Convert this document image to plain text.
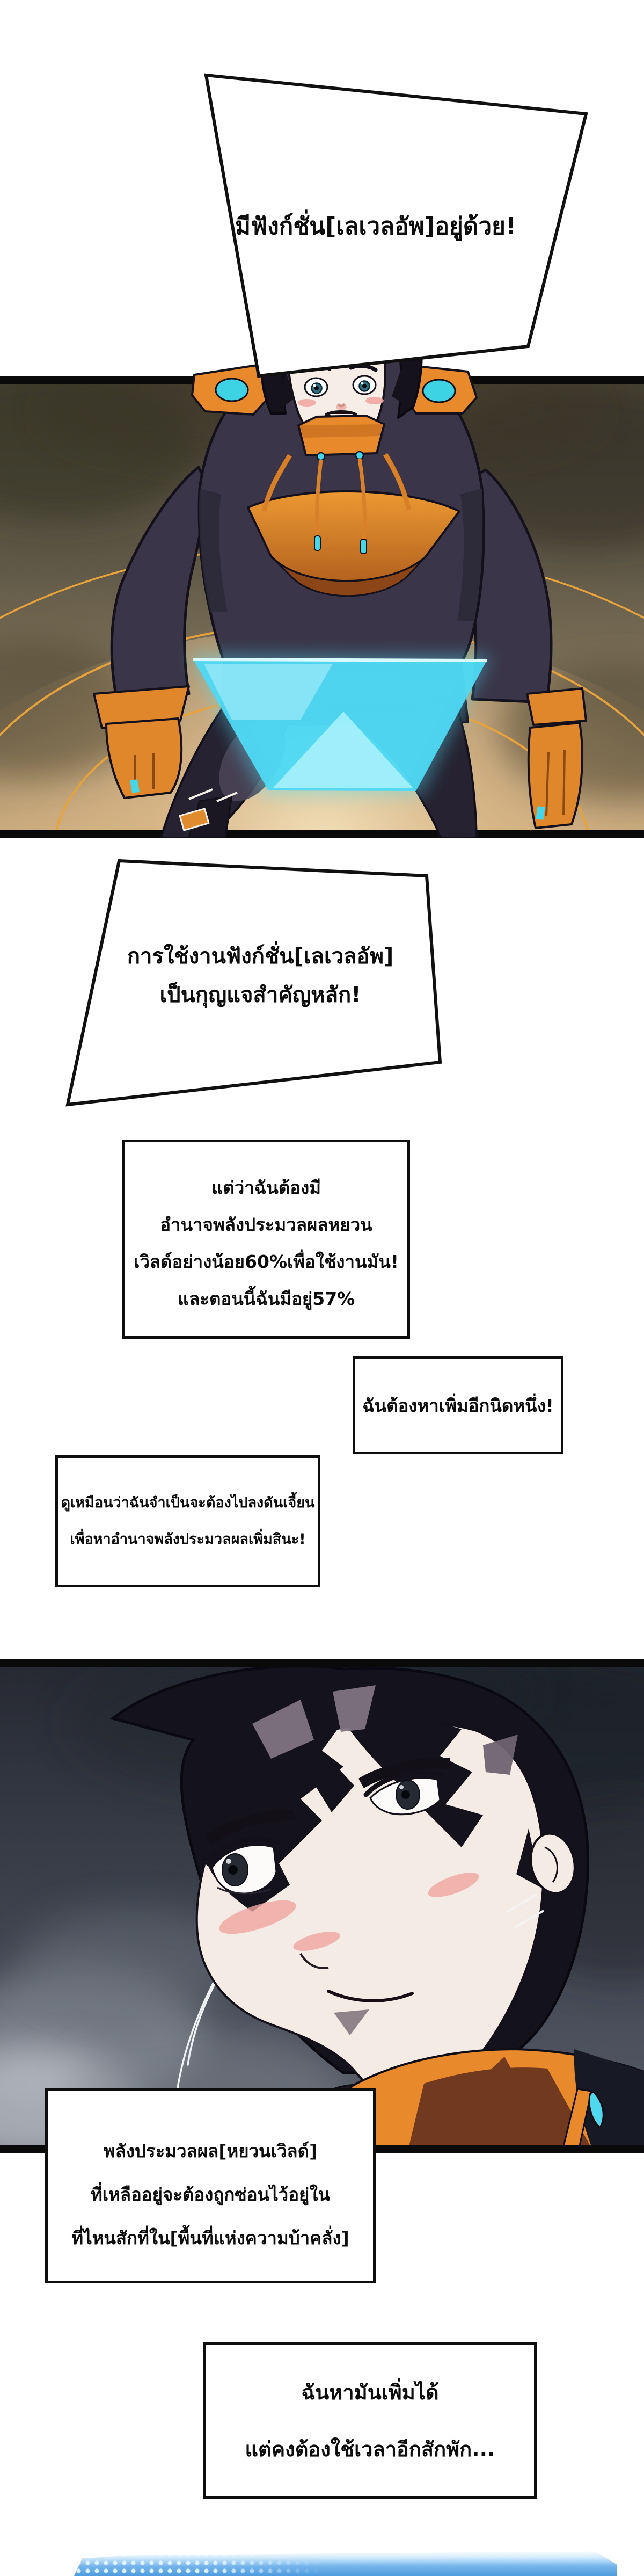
มีฟังก์ชั่น[เลเวลอัพ]อยู่ด้วย!
การใช้งานฟังก์ชั่น[เลเวลอัพ]
เป็นกุญแจสำคัญหลัก!
แต่ว่าฉันต้องมี
อำนาจพลังประมวลผลหยวน
เวิลด์อย่างน้อย60%เพื่อใช้งานมัน!
และตอนนี้ฉันมีอยู่57%
ฉันต้องหาเพิ่มอีกนิดหนึ่ง!
ดูเหมือนว่าฉันจำเป็นจะต้องไปลงดันเจี้ยน
เพื่อหาอำนาจพลังประมวลผลเพิ่มสินะ!
พลังประมวลผล[หยวนเวิลด์]
ที่เหลืออยู่จะต้องถูกซ่อนไว้อยู่ใน
ที่ไหนสักที่ใน[พื้นที่แห่งความบ้าคลั่ง]
ฉันหามันเพิ่มได้
แต่คงต้องใช้เวลาอีกสักพัก...
